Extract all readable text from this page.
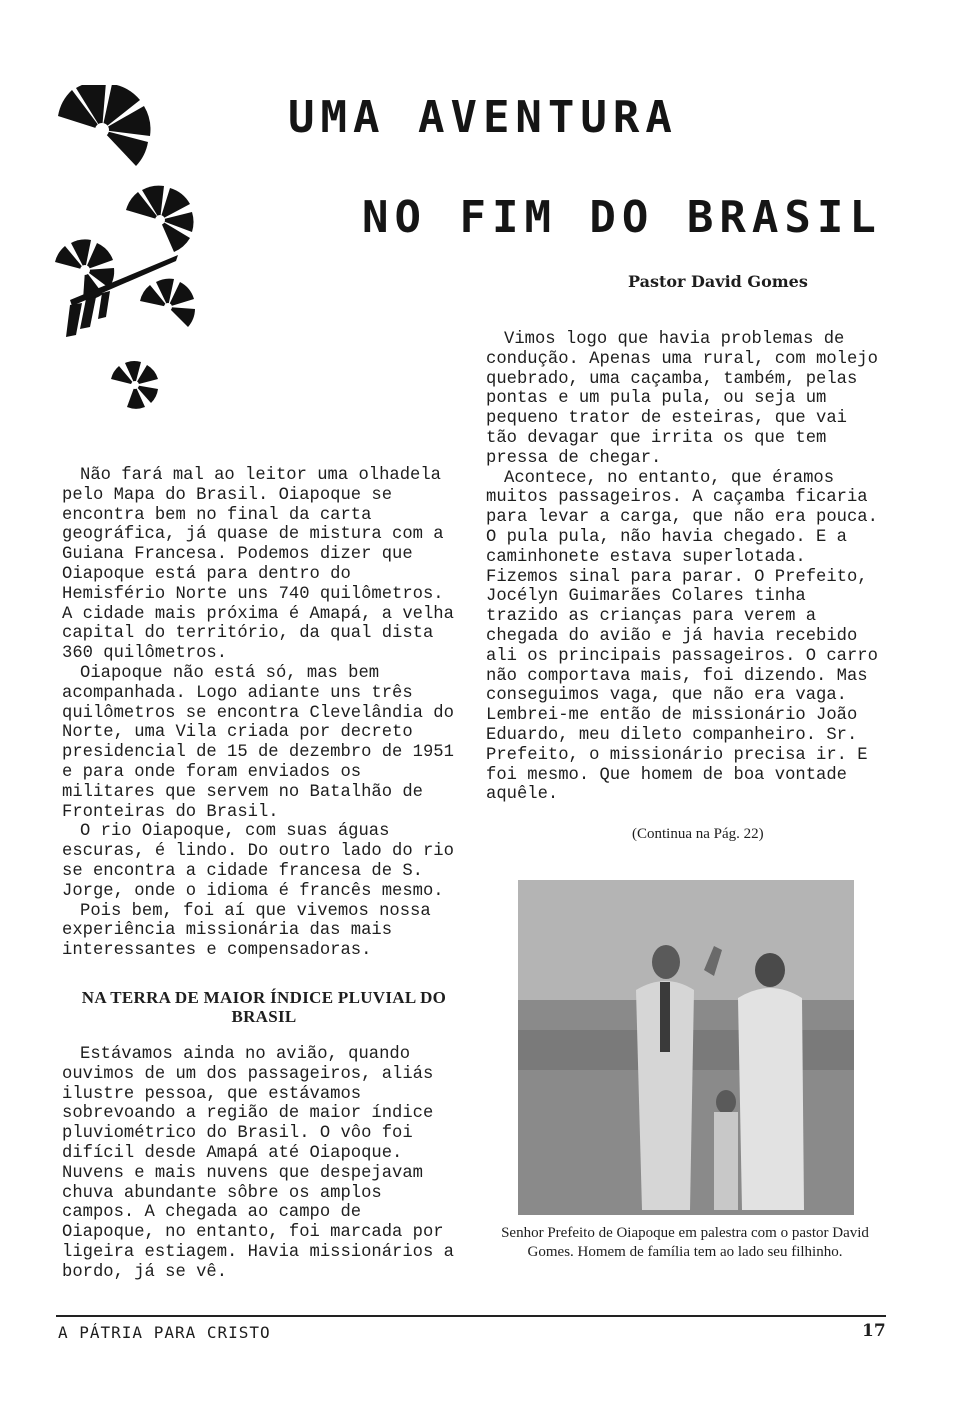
UMA AVENTURA
NO FIM DO BRASIL

Pastor David Gomes

Não fará mal ao leitor uma olhadela pelo Mapa do Brasil. Oiapoque se encontra bem no final da carta geográfica, já quase de mistura com a Guiana Francesa. Podemos dizer que Oiapoque está para dentro do Hemisfério Norte uns 740 quilômetros. A cidade mais próxima é Amapá, a velha capital do território, da qual dista 360 quilômetros.

Oiapoque não está só, mas bem acompanhada. Logo adiante uns três quilômetros se encontra Clevelândia do Norte, uma Vila criada por decreto presidencial de 15 de dezembro de 1951 e para onde foram enviados os militares que servem no Batalhão de Fronteiras do Brasil.

O rio Oiapoque, com suas águas escuras, é lindo. Do outro lado do rio se encontra a cidade francesa de S. Jorge, onde o idioma é francês mesmo.

Pois bem, foi aí que vivemos nossa experiência missionária das mais interessantes e compensadoras.

NA TERRA DE MAIOR ÍNDICE PLUVIAL DO BRASIL

Estávamos ainda no avião, quando ouvimos de um dos passageiros, aliás ilustre pessoa, que estávamos sobrevoando a região de maior índice pluviométrico do Brasil. O vôo foi difícil desde Amapá até Oiapoque. Nuvens e mais nuvens que despejavam chuva abundante sôbre os amplos campos. A chegada ao campo de Oiapoque, no entanto, foi marcada por ligeira estiagem. Havia missionários a bordo, já se vê.

Vimos logo que havia problemas de condução. Apenas uma rural, com molejo quebrado, uma caçamba, também, pelas pontas e um pula pula, ou seja um pequeno trator de esteiras, que vai tão devagar que irrita os que tem pressa de chegar.

Acontece, no entanto, que éramos muitos passageiros. A caçamba ficaria para levar a carga, que não era pouca. O pula pula, não havia chegado. E a caminhonete estava superlotada. Fizemos sinal para parar. O Prefeito, Jocélyn Guimarães Colares tinha trazido as crianças para verem a chegada do avião e já havia recebido ali os principais passageiros. O carro não comportava mais, foi dizendo. Mas conseguimos vaga, que não era vaga. Lembrei-me então de missionário João Eduardo, meu dileto companheiro. Sr. Prefeito, o missionário precisa ir. E foi mesmo. Que homem de boa vontade aquêle.

(Continua na Pág. 22)

Senhor Prefeito de Oiapoque em palestra com o pastor David Gomes. Homem de família tem ao lado seu filhinho.

A PÁTRIA PARA CRISTO	17
